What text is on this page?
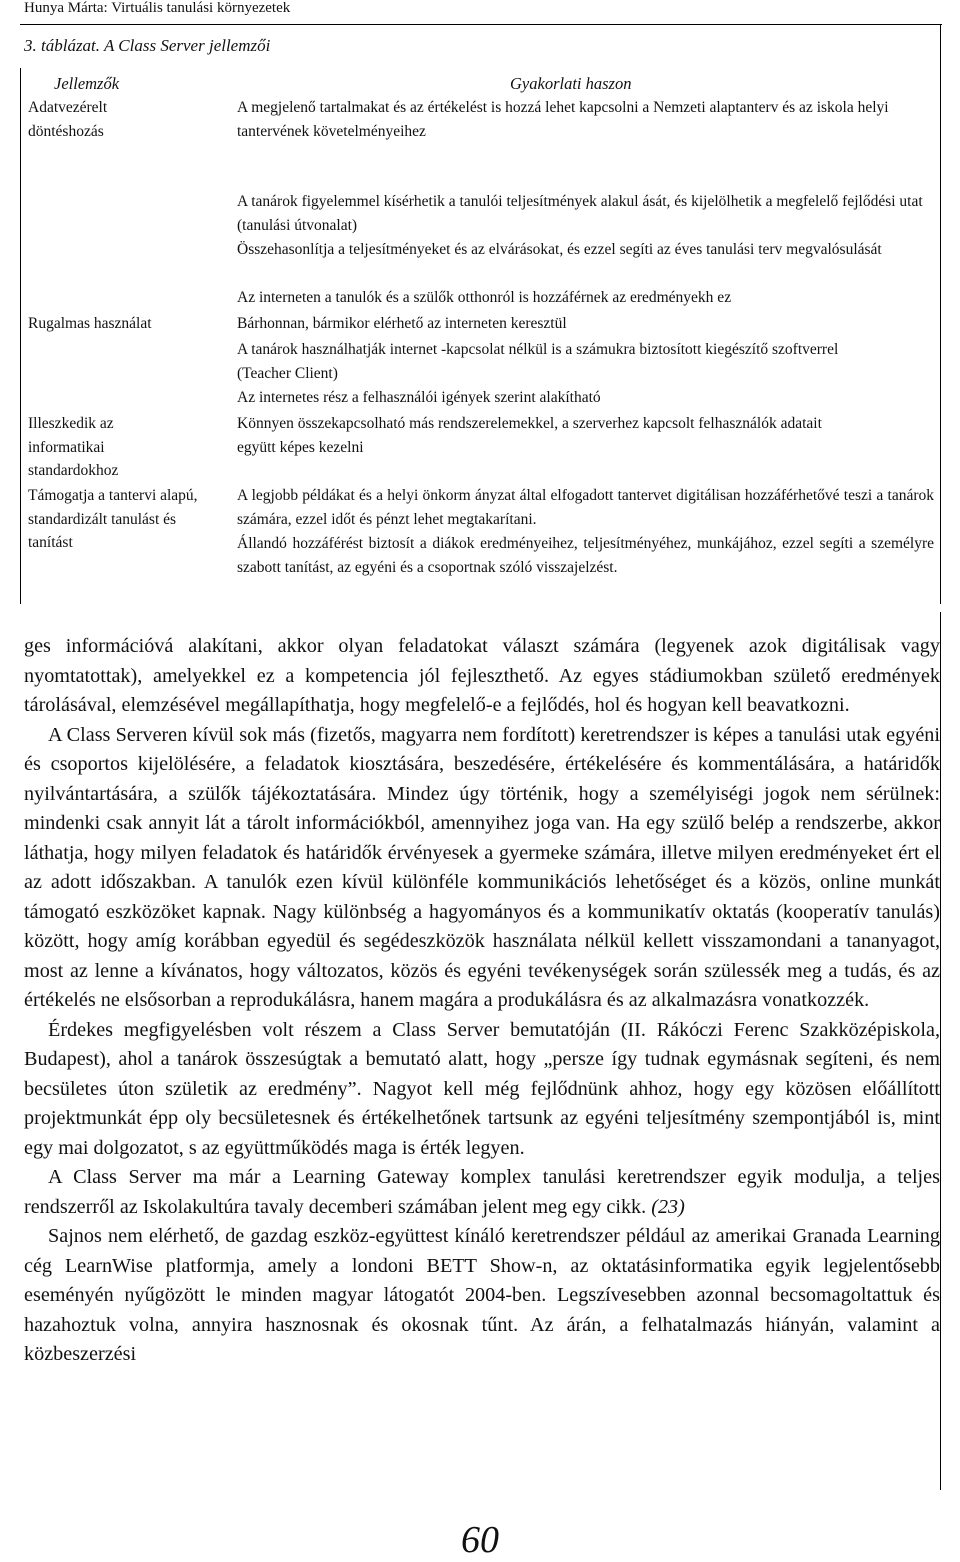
Hunya Márta: Virtuális tanulási környezetek
3. táblázat. A Class Server jellemzői
Jellemzők	Gyakorlati haszon
Adatvezérelt döntéshozás
A megjelenő tartalmakat és az értékelést is hozzá lehet kapcsolni a Nemzeti alaptanterv és az iskola helyi tantervének követelményeihez
A tanárok figyelemmel kísérhetik a tanulói teljesítmények alakul ását, és kijelölhetik a megfelelő fejlődési utat (tanulási útvonalat)
Összehasonlítja a teljesítményeket és az elvárásokat, és ezzel segíti az éves tanulási terv megvalósulását
Az interneten a tanulók és a szülők otthonról is hozzáférnek az eredményekh ez
Rugalmas használat	Bárhonnan, bármikor elérhető az interneten keresztül
A tanárok használhatják internet -kapcsolat nélkül is a számukra biztosított kiegészítő szoftverrel (Teacher Client)
Az internetes rész a felhasználói igények szerint alakítható
Illeszkedik az informatikai standardokhoz
Könnyen összekapcsolható más rendszerelemekkel, a szerverhez kapcsolt felhasználók adatait együtt képes kezelni
Támogatja a tantervi alapú, standardizált tanulást és tanítást
A legjobb példákat és a helyi önkorm ányzat által elfogadott tantervet digitálisan hozzáférhetővé teszi a tanárok számára, ezzel időt és pénzt lehet megtakarítani.
Állandó hozzáférést biztosít a diákok eredményeihez, teljesítményéhez, munkájához, ezzel segíti a személyre szabott tanítást, az egyéni és a csoportnak szóló visszajelzést.

ges információvá alakítani, akkor olyan feladatokat választ számára (legyenek azok digitálisak vagy nyomtatottak), amelyekkel ez a kompetencia jól fejleszthető. Az egyes stádiumokban születő eredmények tárolásával, elemzésével megállapíthatja, hogy megfelelő-e a fejlődés, hol és hogyan kell beavatkozni.

A Class Serveren kívül sok más (fizetős, magyarra nem fordított) keretrendszer is képes a tanulási utak egyéni és csoportos kijelölésére, a feladatok kiosztására, beszedésére, értékelésére és kommentálására, a határidők nyilvántartására, a szülők tájékoztatására. Mindez úgy történik, hogy a személyiségi jogok nem sérülnek: mindenki csak annyit lát a tárolt információkból, amennyihez joga van. Ha egy szülő belép a rendszerbe, akkor láthatja, hogy milyen feladatok és határidők érvényesek a gyermeke számára, illetve milyen eredményeket ért el az adott időszakban. A tanulók ezen kívül különféle kommunikációs lehetőséget és a közös, online munkát támogató eszközöket kapnak. Nagy különbség a hagyományos és a kommunikatív oktatás (kooperatív tanulás) között, hogy amíg korábban egyedül és segédeszközök használata nélkül kellett visszamondani a tananyagot, most az lenne a kívánatos, hogy változatos, közös és egyéni tevékenységek során szülessék meg a tudás, és az értékelés ne elsősorban a reprodukálásra, hanem magára a produkálásra és az alkalmazásra vonatkozzék.

Érdekes megfigyelésben volt részem a Class Server bemutatóján (II. Rákóczi Ferenc Szakközépiskola, Budapest), ahol a tanárok összesúgtak a bemutató alatt, hogy „persze így tudnak egymásnak segíteni, és nem becsületes úton születik az eredmény”. Nagyot kell még fejlődnünk ahhoz, hogy egy közösen előállított projektmunkát épp oly becsületesnek és értékelhetőnek tartsunk az egyéni teljesítmény szempontjából is, mint egy mai dolgozatot, s az együttműködés maga is érték legyen.

A Class Server ma már a Learning Gateway komplex tanulási keretrendszer egyik modulja, a teljes rendszerről az Iskolakultúra tavaly decemberi számában jelent meg egy cikk. (23)

Sajnos nem elérhető, de gazdag eszköz-együttest kínáló keretrendszer például az amerikai Granada Learning cég LearnWise platformja, amely a londoni BETT Show-n, az oktatásinformatika egyik legjelentősebb eseményén nyűgözött le minden magyar látogatót 2004-ben. Legszívesebben azonnal becsomagoltattuk és hazahoztuk volna, annyira hasznosnak és okosnak tűnt. Az árán, a felhatalmazás hiányán, valamint a közbeszerzési

60
